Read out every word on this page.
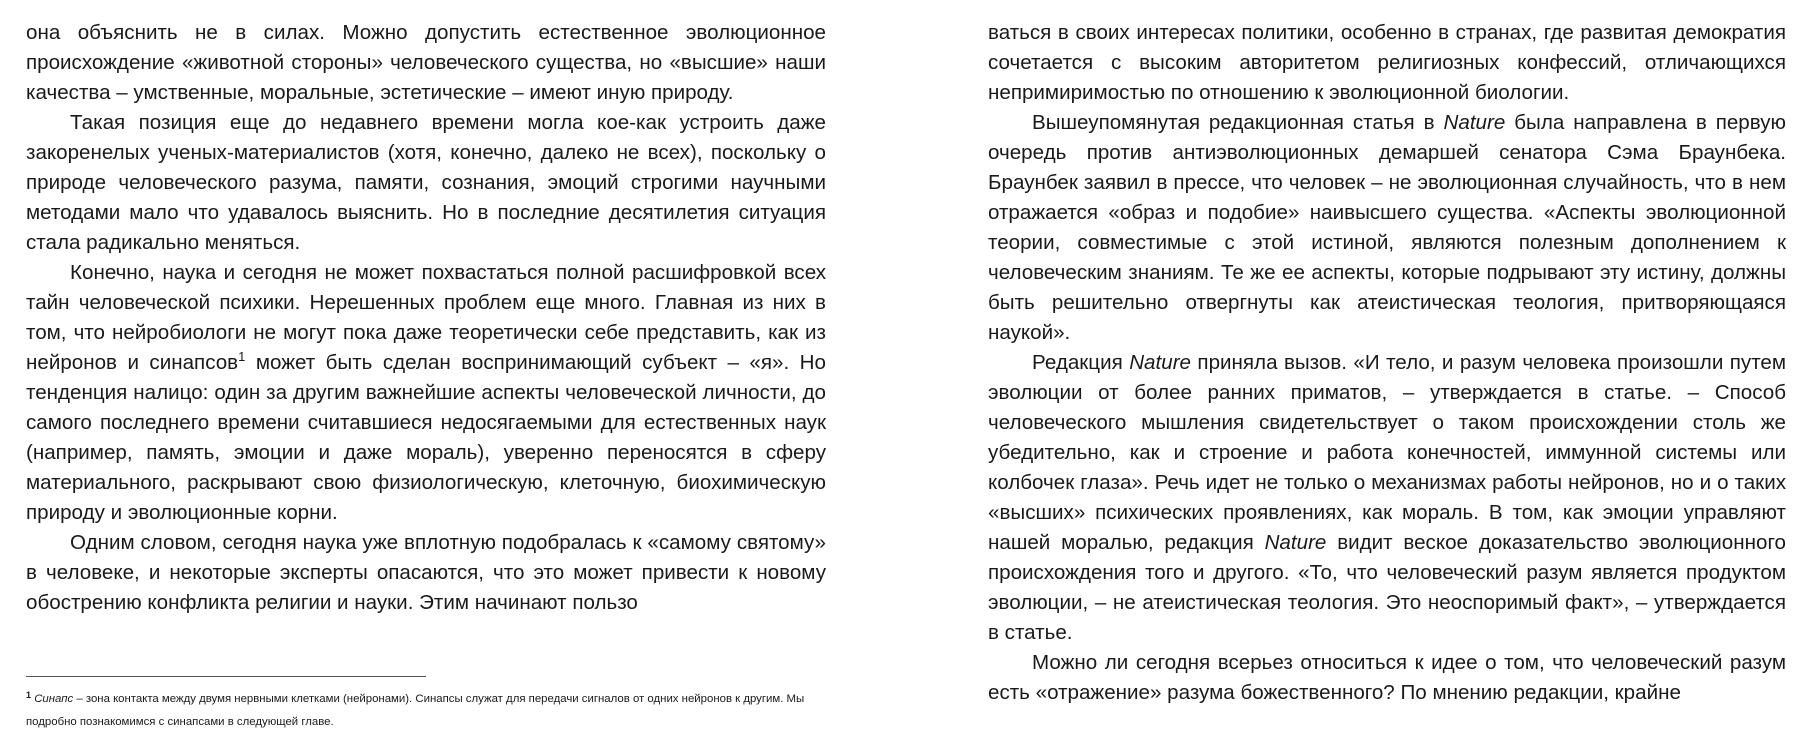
она объяснить не в силах. Можно допустить естественное эволюционное происхождение «животной стороны» человеческого существа, но «высшие» наши качества – умственные, моральные, эстетические – имеют иную природу.

Такая позиция еще до недавнего времени могла кое-как устроить даже закоренелых ученых-материалистов (хотя, конечно, далеко не всех), поскольку о природе человеческого разума, памяти, сознания, эмоций строгими научными методами мало что удавалось выяснить. Но в последние десятилетия ситуация стала радикально меняться.

Конечно, наука и сегодня не может похвастаться полной расшифровкой всех тайн человеческой психики. Нерешенных проблем еще много. Главная из них в том, что нейробиологи не могут пока даже теоретически себе представить, как из нейронов и синапсов$^1$ может быть сделан воспринимающий субъект – «я». Но тенденция налицо: один за другим важнейшие аспекты человеческой личности, до самого последнего времени считавшиеся недосягаемыми для естественных наук (например, память, эмоции и даже мораль), уверенно переносятся в сферу материального, раскрывают свою физиологическую, клеточную, биохимическую природу и эволюционные корни.

Одним словом, сегодня наука уже вплотную подобралась к «самому святому» в человеке, и некоторые эксперты опасаются, что это может привести к новому обострению конфликта религии и науки. Этим начинают пользо

$^1$ Синапс – зона контакта между двумя нервными клетками (нейронами). Синапсы служат для передачи сигналов от одних нейронов к другим. Мы подробно познакомимся с синапсами в следующей главе.

ваться в своих интересах политики, особенно в странах, где развитая демократия сочетается с высоким авторитетом религиозных конфессий, отличающихся непримиримостью по отношению к эволюционной биологии.

Вышеупомянутая редакционная статья в Nature была направлена в первую очередь против антиэволюционных демаршей сенатора Сэма Браунбека. Браунбек заявил в прессе, что человек – не эволюционная случайность, что в нем отражается «образ и подобие» наивысшего существа. «Аспекты эволюционной теории, совместимые с этой истиной, являются полезным дополнением к человеческим знаниям. Те же ее аспекты, которые подрывают эту истину, должны быть решительно отвергнуты как атеистическая теология, притворяющаяся наукой».

Редакция Nature приняла вызов. «И тело, и разум человека произошли путем эволюции от более ранних приматов, – утверждается в статье. – Способ человеческого мышления свидетельствует о таком происхождении столь же убедительно, как и строение и работа конечностей, иммунной системы или колбочек глаза». Речь идет не только о механизмах работы нейронов, но и о таких «высших» психических проявлениях, как мораль. В том, как эмоции управляют нашей моралью, редакция Nature видит веское доказательство эволюционного происхождения того и другого. «То, что человеческий разум является продуктом эволюции, – не атеистическая теология. Это неоспоримый факт», – утверждается в статье.

Можно ли сегодня всерьез относиться к идее о том, что человеческий разум есть «отражение» разума божественного? По мнению редакции, крайне
